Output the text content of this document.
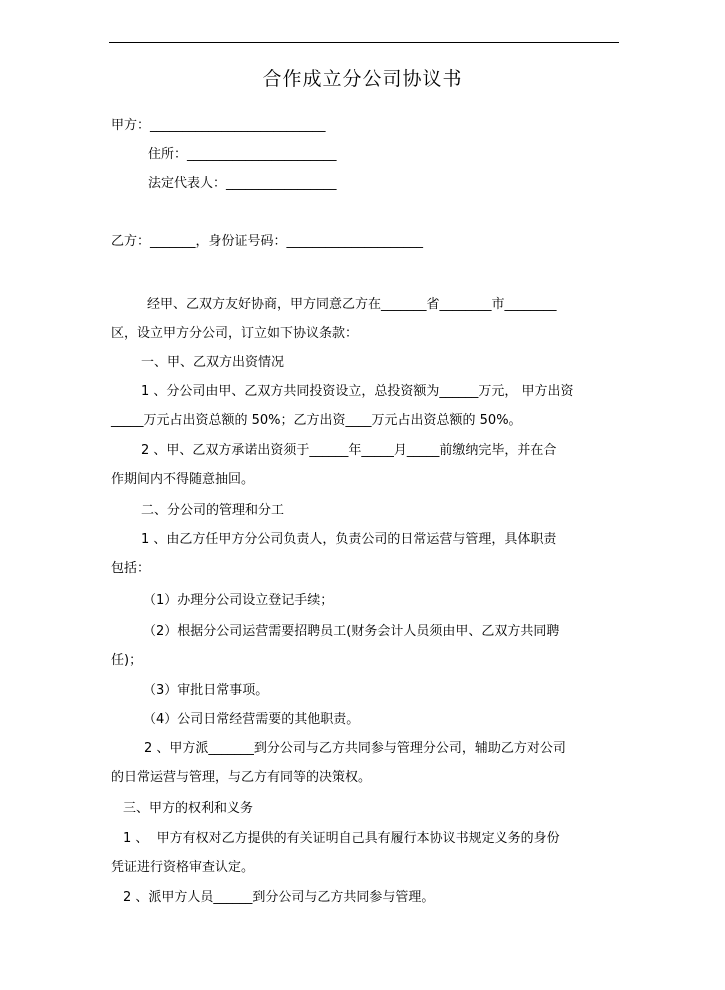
合作成立分公司协议书
甲方：___________________________
住所：_______________________
法定代表人：_________________
乙方：_______，身份证号码：_____________________
经甲、乙双方友好协商，甲方同意乙方在_______省________市________
区，设立甲方分公司，订立如下协议条款：
一、甲、乙双方出资情况
1 、分公司由甲、乙双方共同投资设立，总投资额为______万元， 甲方出资
_____万元占出资总额的 50%；乙方出资____万元占出资总额的 50%。
2 、甲、乙双方承诺出资须于______年_____月_____前缴纳完毕，并在合
作期间内不得随意抽回。
二、分公司的管理和分工
1 、由乙方任甲方分公司负责人，负责公司的日常运营与管理，具体职责
包括：
（1）办理分公司设立登记手续；
（2）根据分公司运营需要招聘员工(财务会计人员须由甲、乙双方共同聘
任)；
（3）审批日常事项。
（4）公司日常经营需要的其他职责。
2 、甲方派_______到分公司与乙方共同参与管理分公司，辅助乙方对公司
的日常运营与管理，与乙方有同等的决策权。
三、甲方的权利和义务
1 、  甲方有权对乙方提供的有关证明自己具有履行本协议书规定义务的身份
凭证进行资格审查认定。
2 、派甲方人员______到分公司与乙方共同参与管理。
